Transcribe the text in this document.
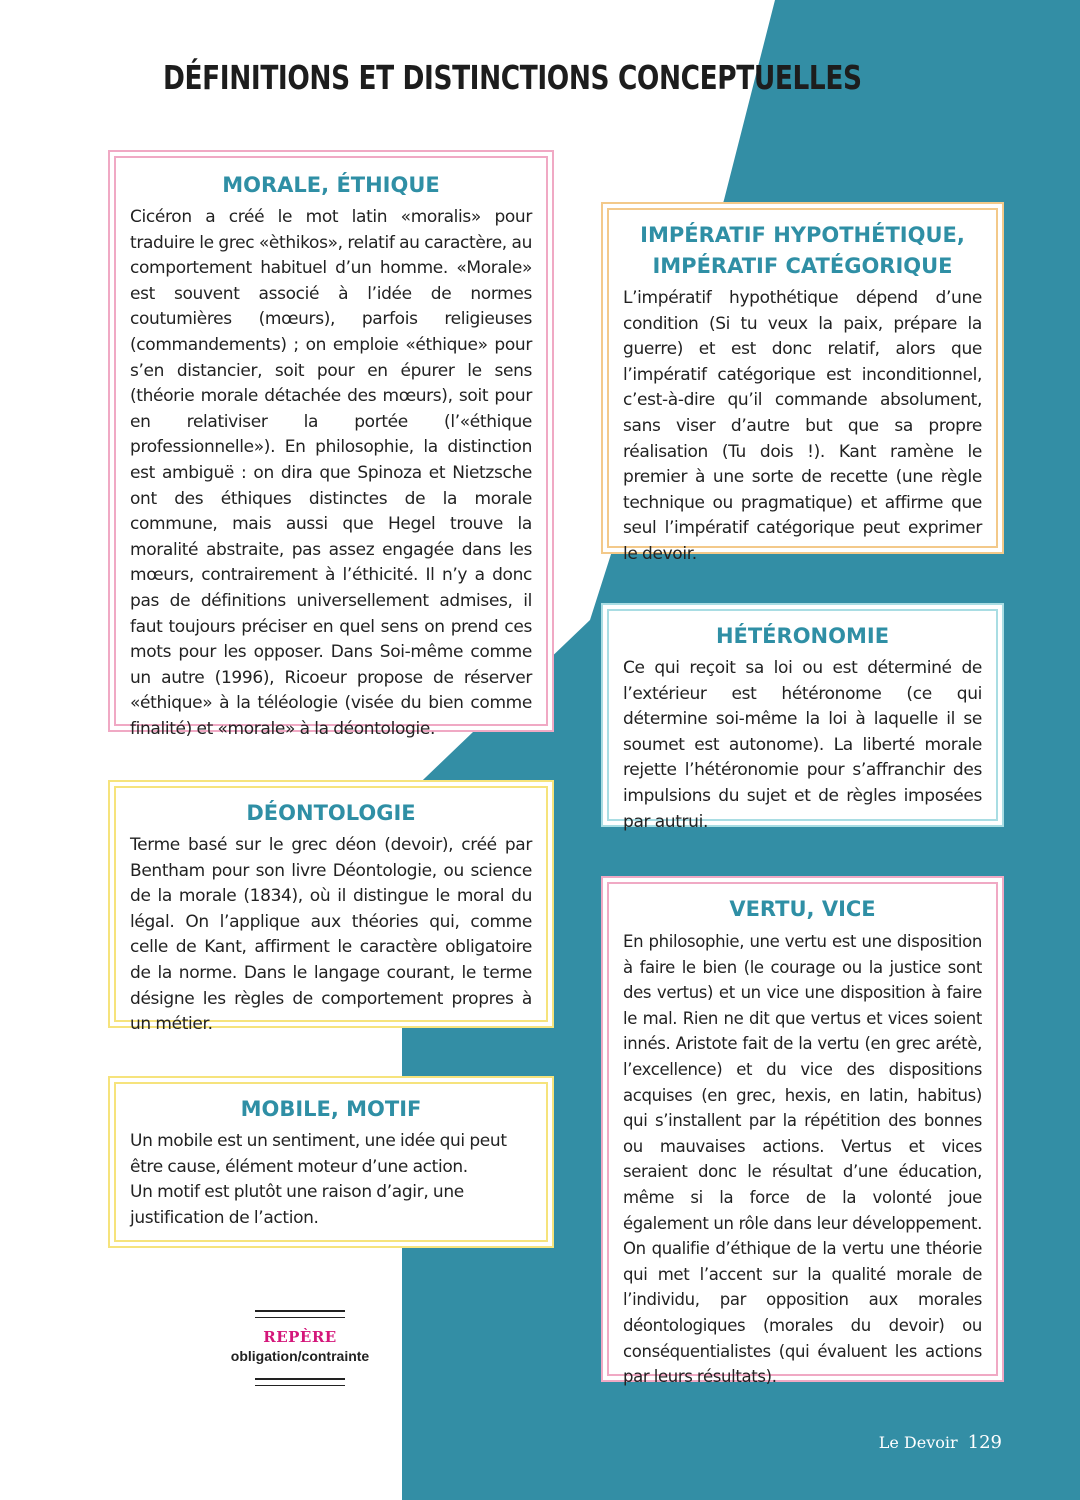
DÉFINITIONS ET DISTINCTIONS CONCEPTUELLES
MORALE, ÉTHIQUE

Cicéron a créé le mot latin «moralis» pour traduire le grec «èthikos», relatif au caractère, au comportement habituel d’un homme. «Morale» est souvent associé à l’idée de normes coutumières (mœurs), parfois religieuses (commandements) ; on emploie «éthique» pour s’en distancier, soit pour en épurer le sens (théorie morale détachée des mœurs), soit pour en relativiser la portée (l’«éthique professionnelle»). En philosophie, la distinction est ambiguë : on dira que Spinoza et Nietzsche ont des éthiques distinctes de la morale commune, mais aussi que Hegel trouve la moralité abstraite, pas assez engagée dans les mœurs, contrairement à l’éthicité. Il n’y a donc pas de définitions universellement admises, il faut toujours préciser en quel sens on prend ces mots pour les opposer. Dans Soi-même comme un autre (1996), Ricoeur propose de réserver «éthique» à la téléologie (visée du bien comme finalité) et «morale» à la déontologie.

DÉONTOLOGIE

Terme basé sur le grec déon (devoir), créé par Bentham pour son livre Déontologie, ou science de la morale (1834), où il distingue le moral du légal. On l’applique aux théories qui, comme celle de Kant, affirment le caractère obligatoire de la norme. Dans le langage courant, le terme désigne les règles de comportement propres à un métier.

MOBILE, MOTIF

Un mobile est un sentiment, une idée qui peut être cause, élément moteur d’une action.

Un motif est plutôt une raison d’agir, une justification de l’action.

IMPÉRATIF HYPOTHÉTIQUE,
IMPÉRATIF CATÉGORIQUE

L’impératif hypothétique dépend d’une condition (Si tu veux la paix, prépare la guerre) et est donc relatif, alors que l’impératif catégorique est inconditionnel, c’est-à-dire qu’il commande absolument, sans viser d’autre but que sa propre réalisation (Tu dois !). Kant ramène le premier à une sorte de recette (une règle technique ou pragmatique) et affirme que seul l’impératif catégorique peut exprimer le devoir.

HÉTÉRONOMIE

Ce qui reçoit sa loi ou est déterminé de l’extérieur est hétéronome (ce qui détermine soi-même la loi à laquelle il se soumet est autonome). La liberté morale rejette l’hétéronomie pour s’affranchir des impulsions du sujet et de règles imposées par autrui.

VERTU, VICE

En philosophie, une vertu est une disposition à faire le bien (le courage ou la justice sont des vertus) et un vice une disposition à faire le mal. Rien ne dit que vertus et vices soient innés. Aristote fait de la vertu (en grec arétè, l’excellence) et du vice des dispositions acquises (en grec, hexis, en latin, habitus) qui s’installent par la répétition des bonnes ou mauvaises actions. Vertus et vices seraient donc le résultat d’une éducation, même si la force de la volonté joue également un rôle dans leur développement. On qualifie d’éthique de la vertu une théorie qui met l’accent sur la qualité morale de l’individu, par opposition aux morales déontologiques (morales du devoir) ou conséquentialistes (qui évaluent les actions par leurs résultats).

REPÈRE
obligation/contrainte
Le Devoir 129
